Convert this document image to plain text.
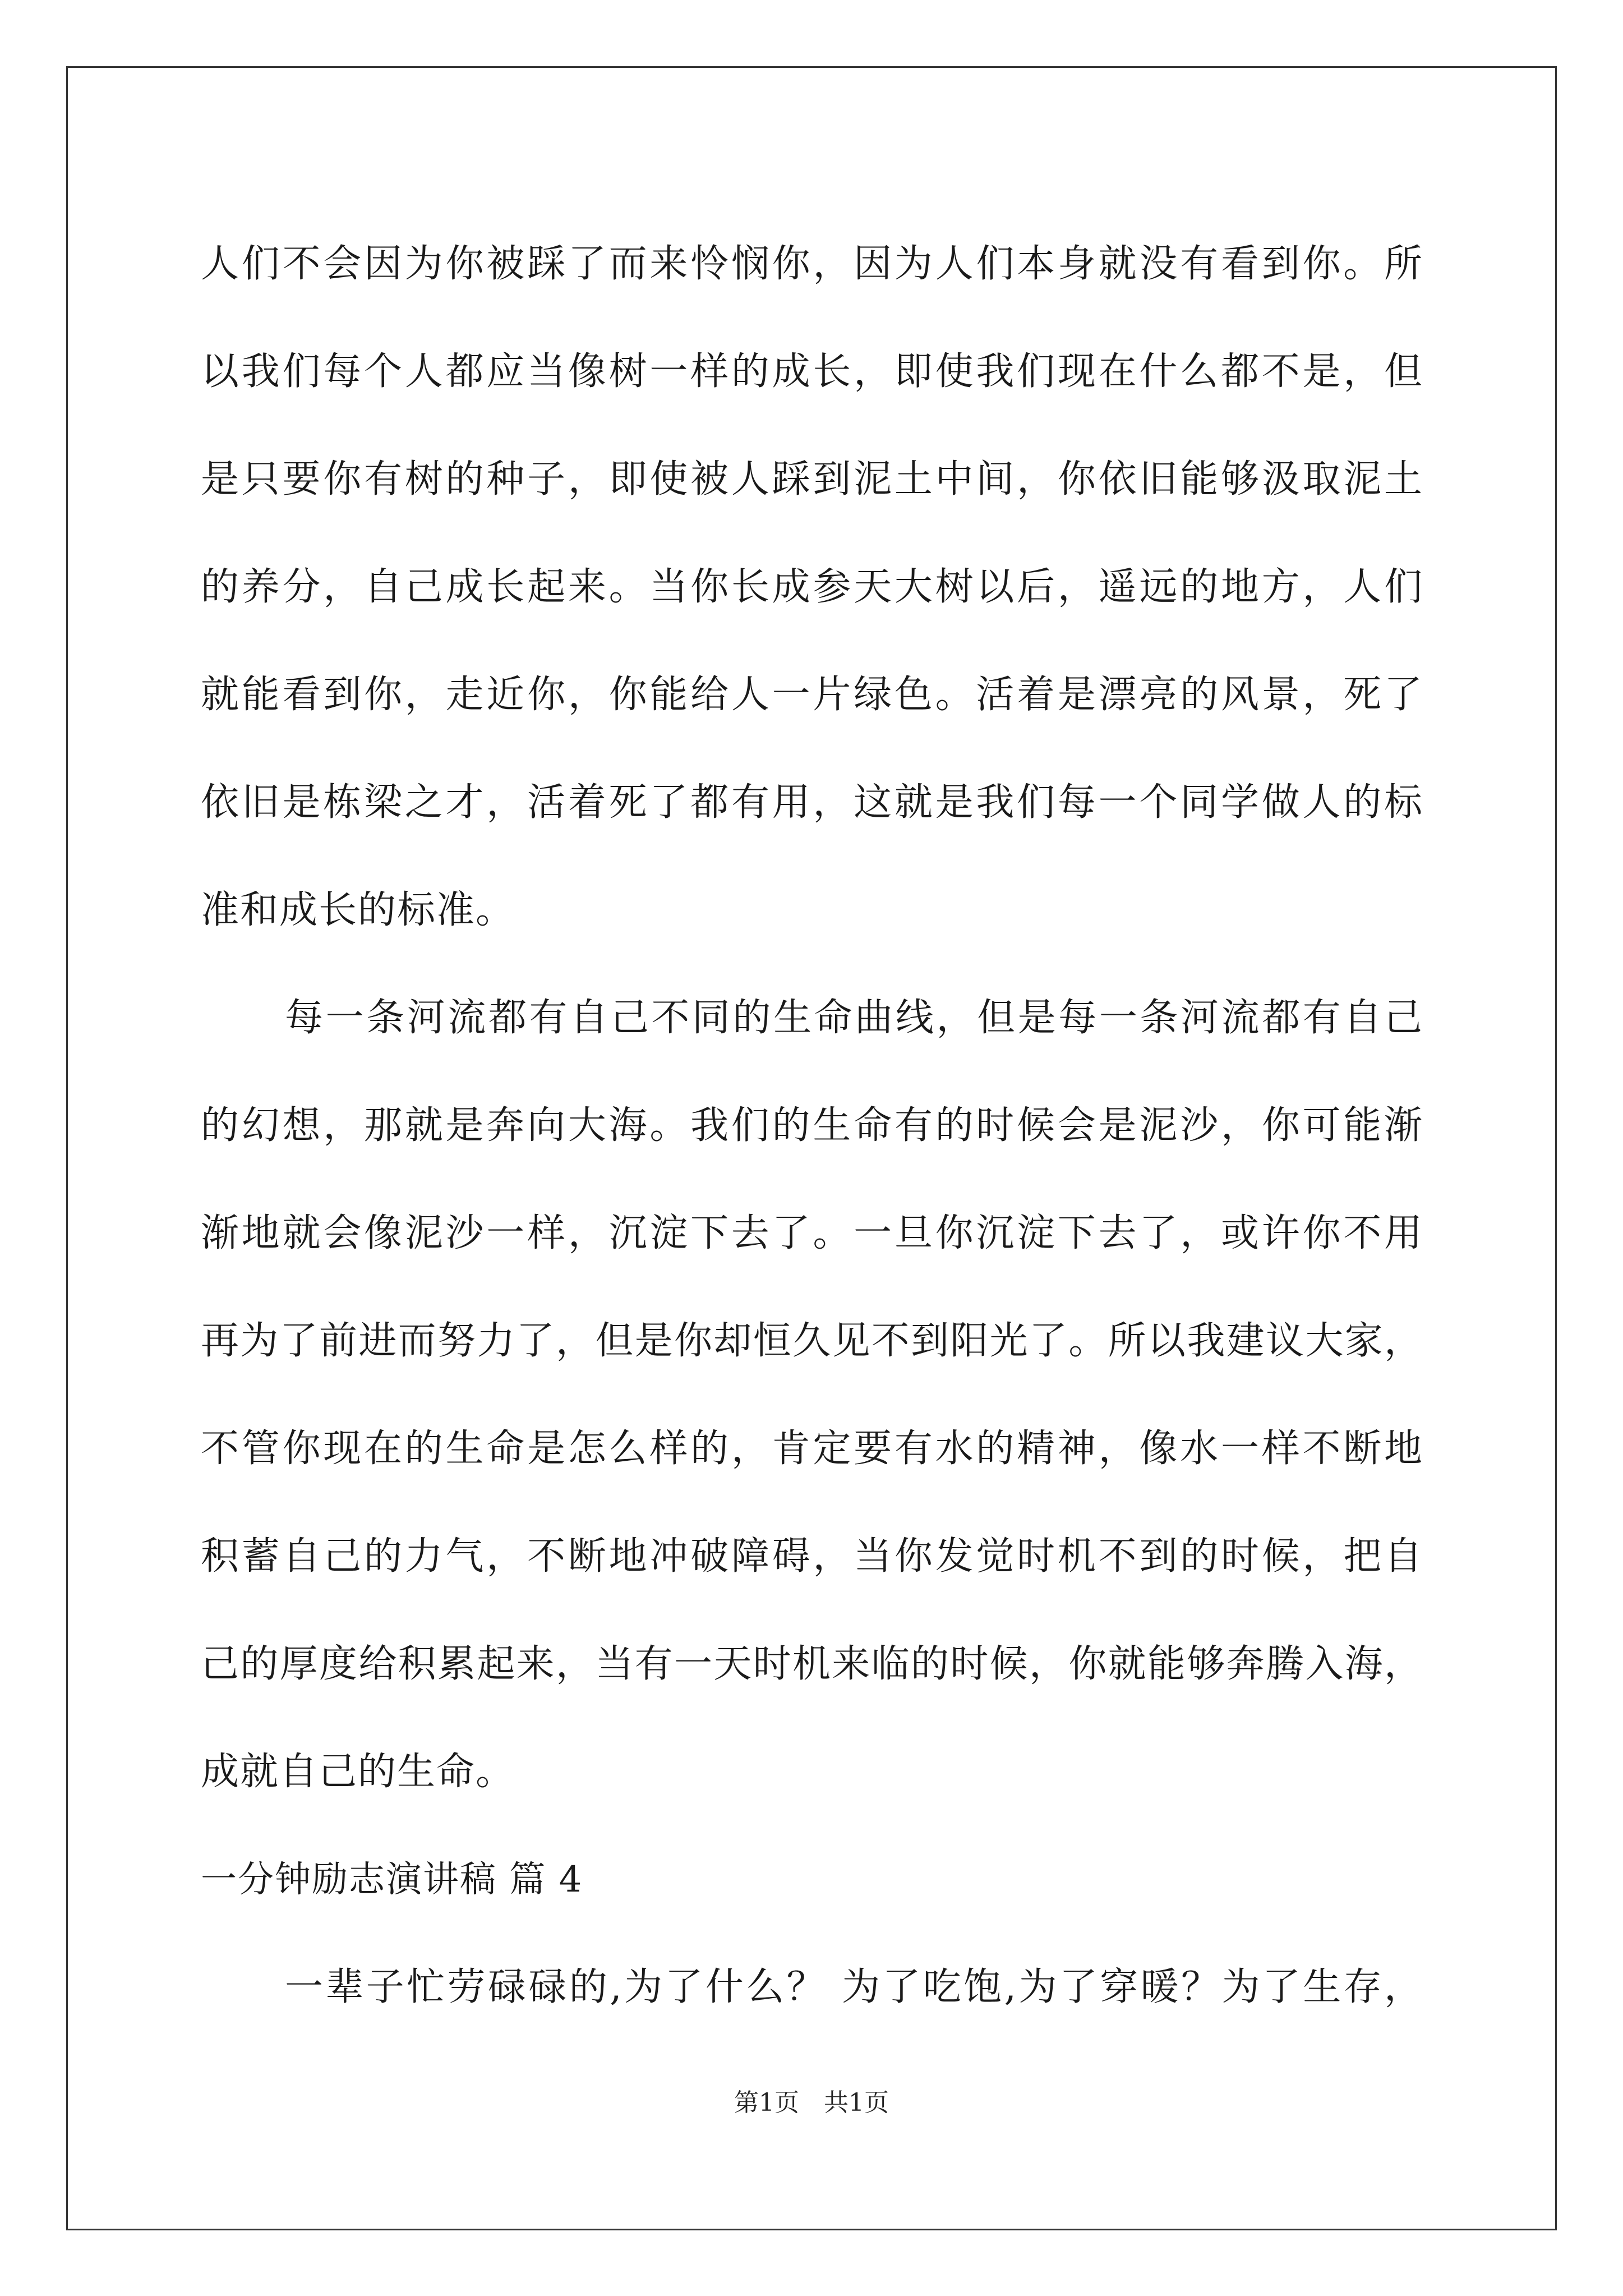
人们不会因为你被踩了而来怜悯你，因为人们本身就没有看到你。所
以我们每个人都应当像树一样的成长，即使我们现在什么都不是，但
是只要你有树的种子，即使被人踩到泥土中间，你依旧能够汲取泥土
的养分，自己成长起来。当你长成参天大树以后，遥远的地方，人们
就能看到你，走近你，你能给人一片绿色。活着是漂亮的风景，死了
依旧是栋梁之才，活着死了都有用，这就是我们每一个同学做人的标
准和成长的标准。
每一条河流都有自己不同的生命曲线，但是每一条河流都有自己
的幻想，那就是奔向大海。我们的生命有的时候会是泥沙，你可能渐
渐地就会像泥沙一样，沉淀下去了。一旦你沉淀下去了，或许你不用
再为了前进而努力了，但是你却恒久见不到阳光了。所以我建议大家，
不管你现在的生命是怎么样的，肯定要有水的精神，像水一样不断地
积蓄自己的力气，不断地冲破障碍，当你发觉时机不到的时候，把自
己的厚度给积累起来，当有一天时机来临的时候，你就能够奔腾入海，
成就自己的生命。
一分钟励志演讲稿 篇 4
一辈子忙劳碌碌的,为了什么？ 为了吃饱,为了穿暖？为了生存，
第1页　共1页
